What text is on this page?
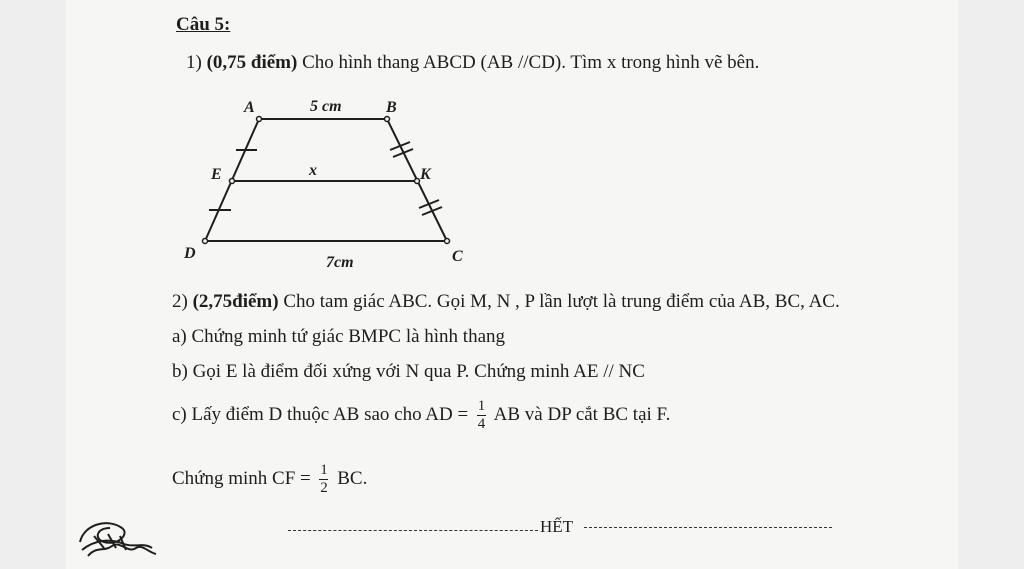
Câu 5:
1) (0,75 điểm) Cho hình thang ABCD (AB //CD). Tìm x trong hình vẽ bên.
A	B
C
D
E	K
x
5 cm
7cm
2) (2,75điểm) Cho tam giác ABC. Gọi M, N , P lần lượt là trung điểm của AB, BC, AC.
a) Chứng minh tứ giác BMPC là hình thang
b) Gọi E là điểm đối xứng với N qua P. Chứng minh AE // NC
c) Lấy điểm D thuộc AB sao cho AD = $\frac{1}{4}$ AB và DP cắt BC tại F.
Chứng minh CF = $\frac{1}{2}$ BC.
HẾT
